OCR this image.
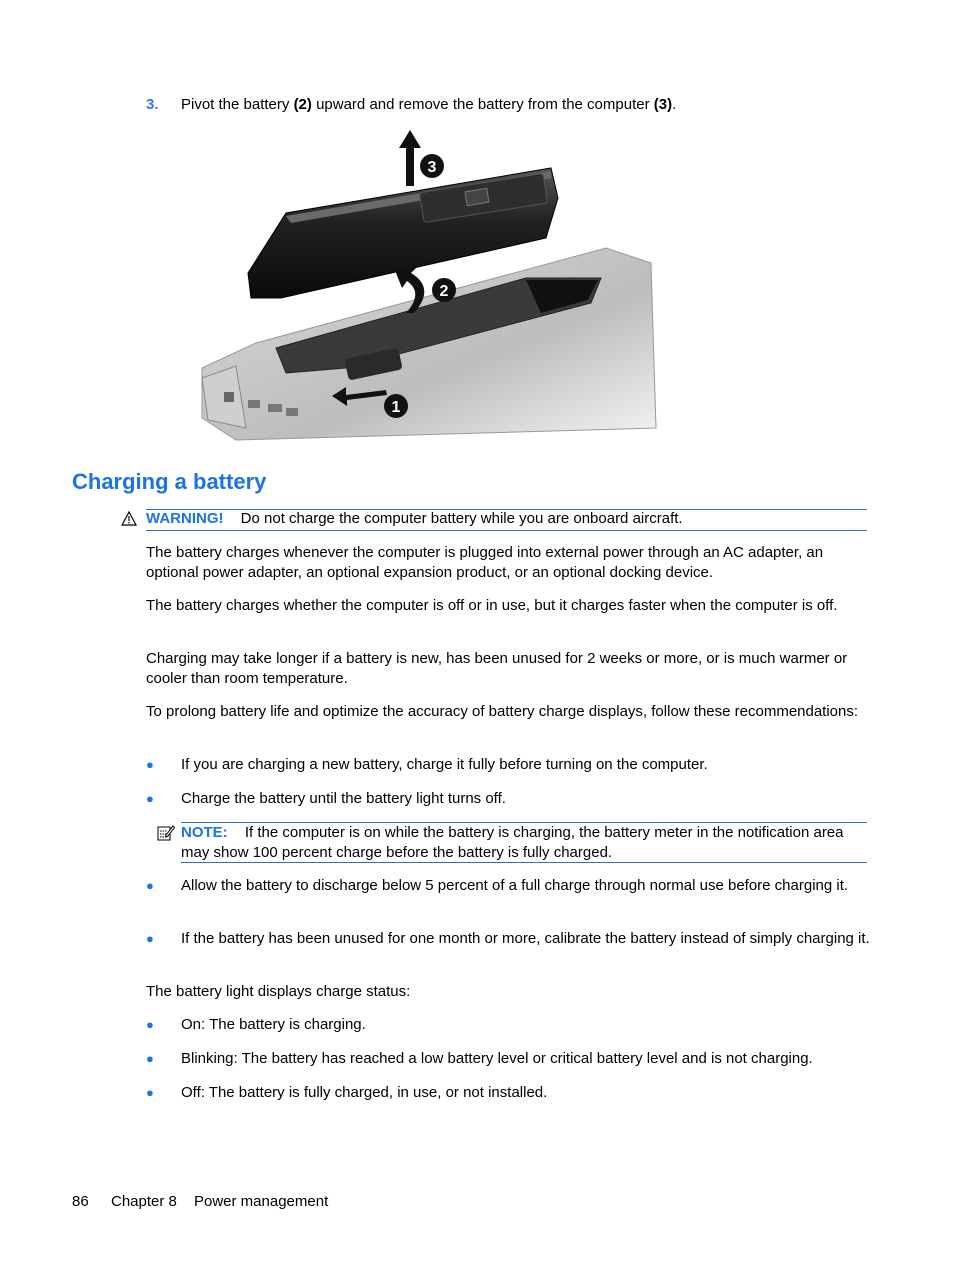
3. Pivot the battery (2) upward and remove the battery from the computer (3).
1
2
3
Charging a battery
WARNING! Do not charge the computer battery while you are onboard aircraft.
The battery charges whenever the computer is plugged into external power through an AC adapter, an optional power adapter, an optional expansion product, or an optional docking device.
The battery charges whether the computer is off or in use, but it charges faster when the computer is off.
Charging may take longer if a battery is new, has been unused for 2 weeks or more, or is much warmer or cooler than room temperature.
To prolong battery life and optimize the accuracy of battery charge displays, follow these recommendations:
● If you are charging a new battery, charge it fully before turning on the computer.
● Charge the battery until the battery light turns off.
NOTE: If the computer is on while the battery is charging, the battery meter in the notification area may show 100 percent charge before the battery is fully charged.
● Allow the battery to discharge below 5 percent of a full charge through normal use before charging it.
● If the battery has been unused for one month or more, calibrate the battery instead of simply charging it.
The battery light displays charge status:
● On: The battery is charging.
● Blinking: The battery has reached a low battery level or critical battery level and is not charging.
● Off: The battery is fully charged, in use, or not installed.
86 Chapter 8 Power management
